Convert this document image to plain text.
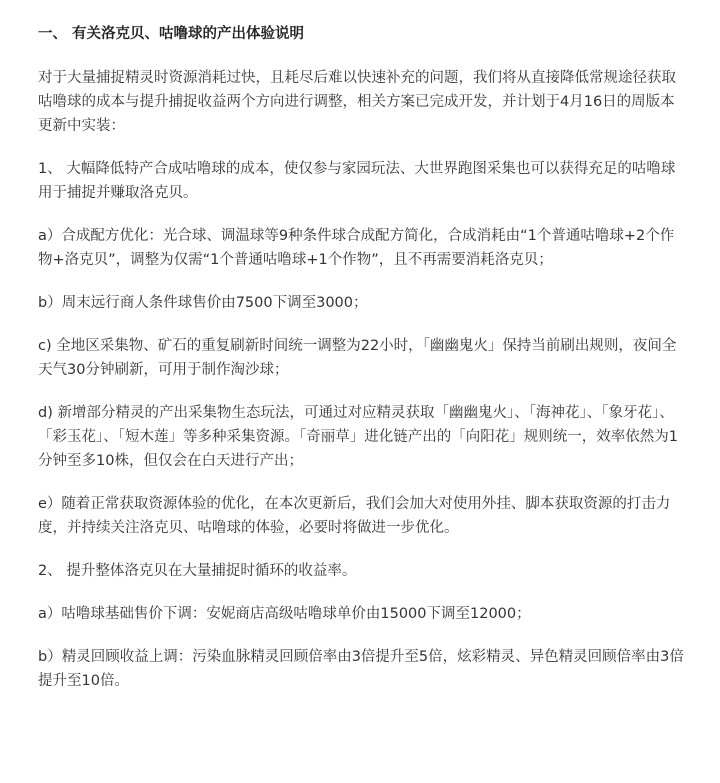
一、 有关洛克贝、咕噜球的产出体验说明
对于大量捕捉精灵时资源消耗过快，且耗尽后难以快速补充的问题，我们将从直接降低常规途径获取咕噜球的成本与提升捕捉收益两个方向进行调整，相关方案已完成开发，并计划于4月16日的周版本更新中实装：
1、 大幅降低特产合成咕噜球的成本，使仅参与家园玩法、大世界跑图采集也可以获得充足的咕噜球用于捕捉并赚取洛克贝。
a）合成配方优化：光合球、调温球等9种条件球合成配方简化，合成消耗由“1个普通咕噜球+2个作物+洛克贝”，调整为仅需“1个普通咕噜球+1个作物”，且不再需要消耗洛克贝；
b）周末远行商人条件球售价由7500下调至3000；
c) 全地区采集物、矿石的重复刷新时间统一调整为22小时，「幽幽鬼火」保持当前刷出规则，夜间全天气30分钟刷新，可用于制作淘沙球；
d) 新增部分精灵的产出采集物生态玩法，可通过对应精灵获取「幽幽鬼火」、「海神花」、「象牙花」、「彩玉花」、「短木莲」等多种采集资源。「奇丽草」进化链产出的「向阳花」规则统一，效率依然为1分钟至多10株，但仅会在白天进行产出；
e）随着正常获取资源体验的优化，在本次更新后，我们会加大对使用外挂、脚本获取资源的打击力度，并持续关注洛克贝、咕噜球的体验，必要时将做进一步优化。
2、 提升整体洛克贝在大量捕捉时循环的收益率。
a）咕噜球基础售价下调：安妮商店高级咕噜球单价由15000下调至12000；
b）精灵回顾收益上调：污染血脉精灵回顾倍率由3倍提升至5倍，炫彩精灵、异色精灵回顾倍率由3倍提升至10倍。
